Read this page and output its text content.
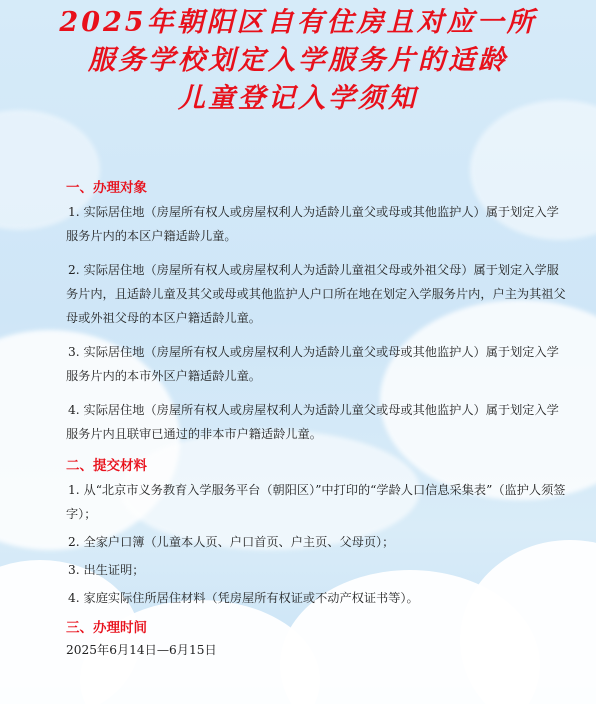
2025年朝阳区自有住房且对应一所
服务学校划定入学服务片的适龄
儿童登记入学须知
一、办理对象

1. 实际居住地（房屋所有权人或房屋权利人为适龄儿童父或母或其他监护人）属于划定入学服务片内的本区户籍适龄儿童。

2. 实际居住地（房屋所有权人或房屋权利人为适龄儿童祖父母或外祖父母）属于划定入学服务片内，且适龄儿童及其父或母或其他监护人户口所在地在划定入学服务片内，户主为其祖父母或外祖父母的本区户籍适龄儿童。

3. 实际居住地（房屋所有权人或房屋权利人为适龄儿童父或母或其他监护人）属于划定入学服务片内的本市外区户籍适龄儿童。

4. 实际居住地（房屋所有权人或房屋权利人为适龄儿童父或母或其他监护人）属于划定入学服务片内且联审已通过的非本市户籍适龄儿童。

二、提交材料

1. 从“北京市义务教育入学服务平台（朝阳区）”中打印的“学龄人口信息采集表”（监护人须签字）；

2. 全家户口簿（儿童本人页、户口首页、户主页、父母页）；

3. 出生证明；

4. 家庭实际住所居住材料（凭房屋所有权证或不动产权证书等）。

三、办理时间
2025年6月14日—6月15日
